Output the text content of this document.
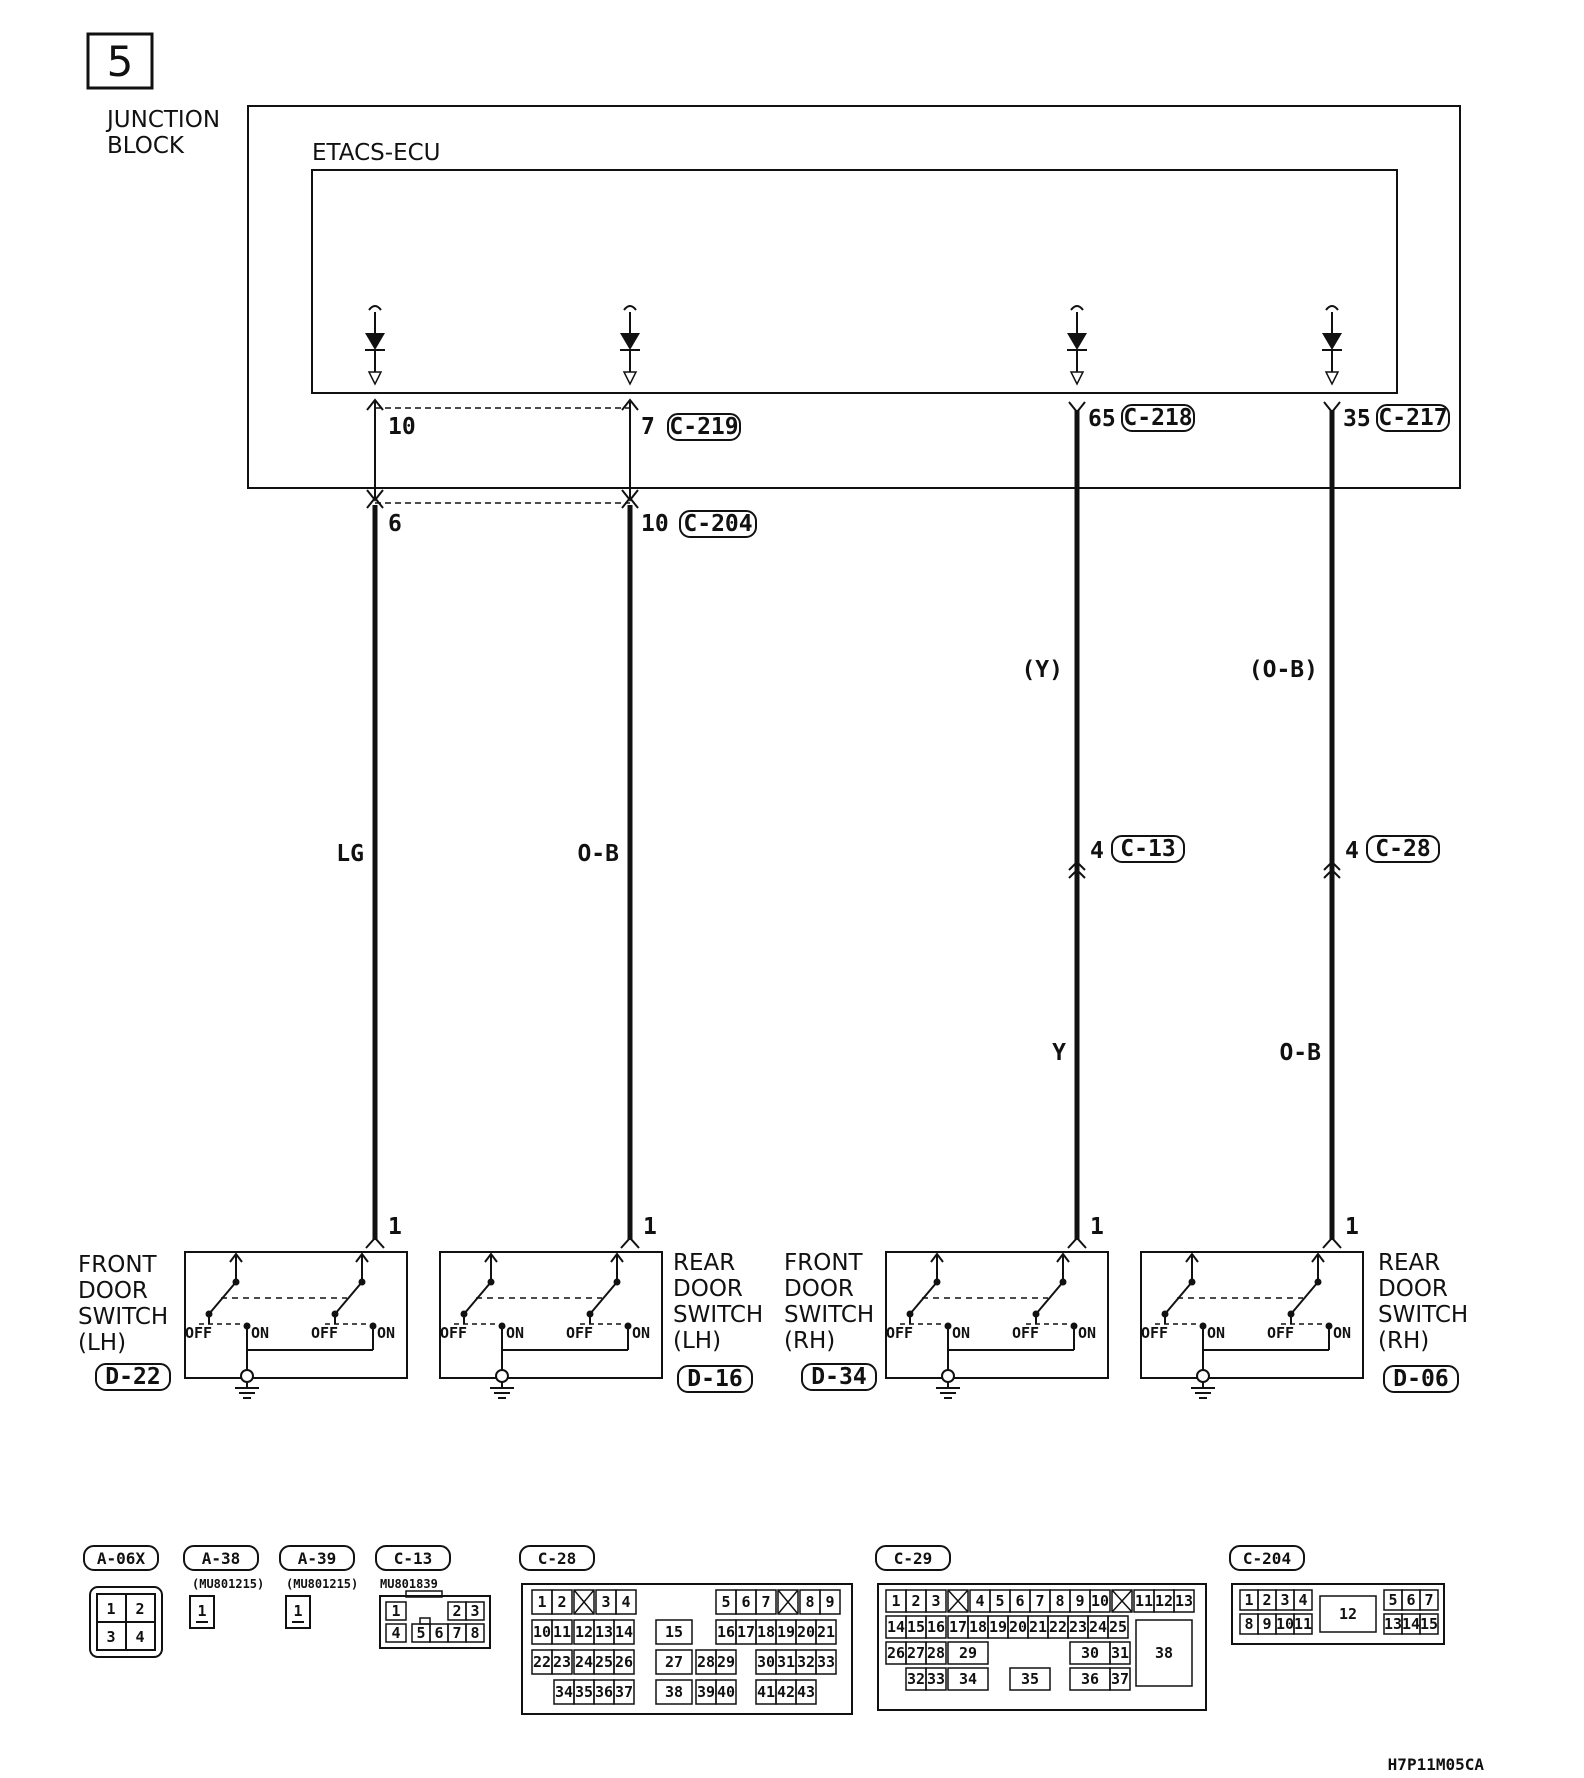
5
JUNCTION
BLOCK	ETACS-ECU
10	7 C-219	65 C-218	35 C-217
6	10 C-204
LG	O-B
(Y)	(O-B)
Y	O-B
4 C-13	4 C-28
1	1	1	1
OFF	ON	OFF	ON	OFF	ON	OFF	ON	OFF	ON	OFF	ON	OFF	ON	OFF	ON
FRONT
DOOR
SWITCH
(LH)
D-22
REAR
DOOR
SWITCH
(LH)
D-16
FRONT
DOOR
SWITCH
(RH)
D-34
REAR
DOOR
SWITCH
(RH)
D-06
A-06X
1 2
3 4
A-38
(MU801215)
1
A-39
(MU801215)
1
C-13
MU801839
1	2 3
4 5 6 7 8
C-28
1 2 3 4	5 6 7 8 9
10 11 12 13 14 15 16 17 18 19 20 21
22 23 24 25 26 27 28 29 30 31 32 33
34 35 36 37 38 39 40 41 42 43
C-29
1 2 3 4 5 6 7 8 9 10 11 12 13
14 15 16 17 18 19 20 21 22 23 24 25
26 27 28 29	30 31
32 33 34	35	36 37
38
C-204
1 2 3 4	5 6 7
8 9 10 11
12
13 14 15
H7P11M05CA
